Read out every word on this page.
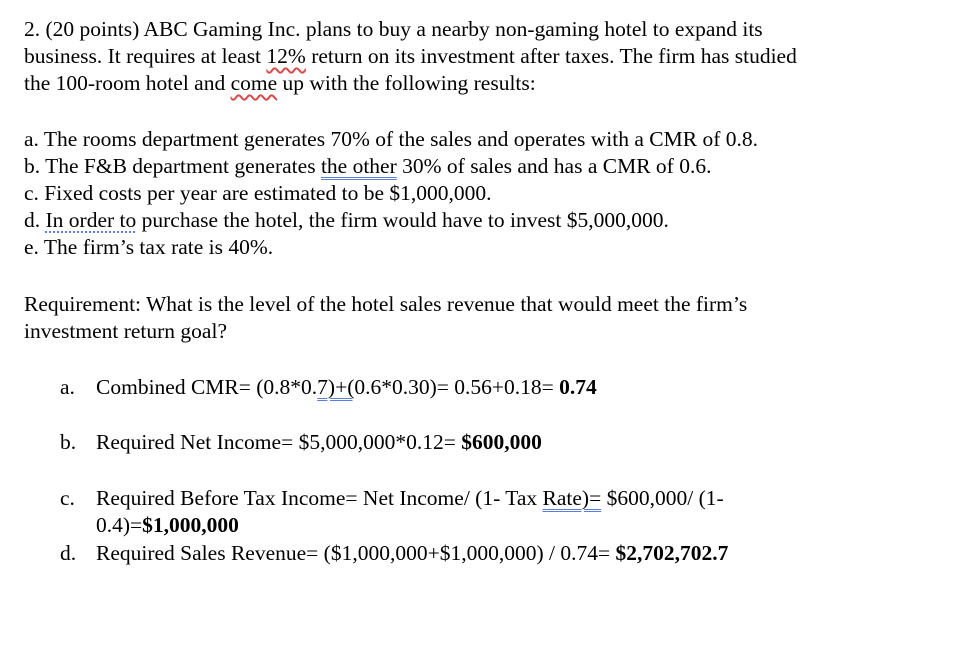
2. (20 points) ABC Gaming Inc. plans to buy a nearby non-gaming hotel to expand its
business. It requires at least 12% return on its investment after taxes. The firm has studied
the 100-room hotel and come up with the following results:
a. The rooms department generates 70% of the sales and operates with a CMR of 0.8.
b. The F&B department generates the other 30% of sales and has a CMR of 0.6.
c. Fixed costs per year are estimated to be $1,000,000.
d. In order to purchase the hotel, the firm would have to invest $5,000,000.
e. The firm’s tax rate is 40%.
Requirement: What is the level of the hotel sales revenue that would meet the firm’s
investment return goal?
a. Combined CMR= (0.8*0.7)+(0.6*0.30)= 0.56+0.18= 0.74
b. Required Net Income= $5,000,000*0.12= $600,000
c. Required Before Tax Income= Net Income/ (1- Tax Rate)= $600,000/ (1-
0.4)=$1,000,000
d. Required Sales Revenue= ($1,000,000+$1,000,000) / 0.74= $2,702,702.7
